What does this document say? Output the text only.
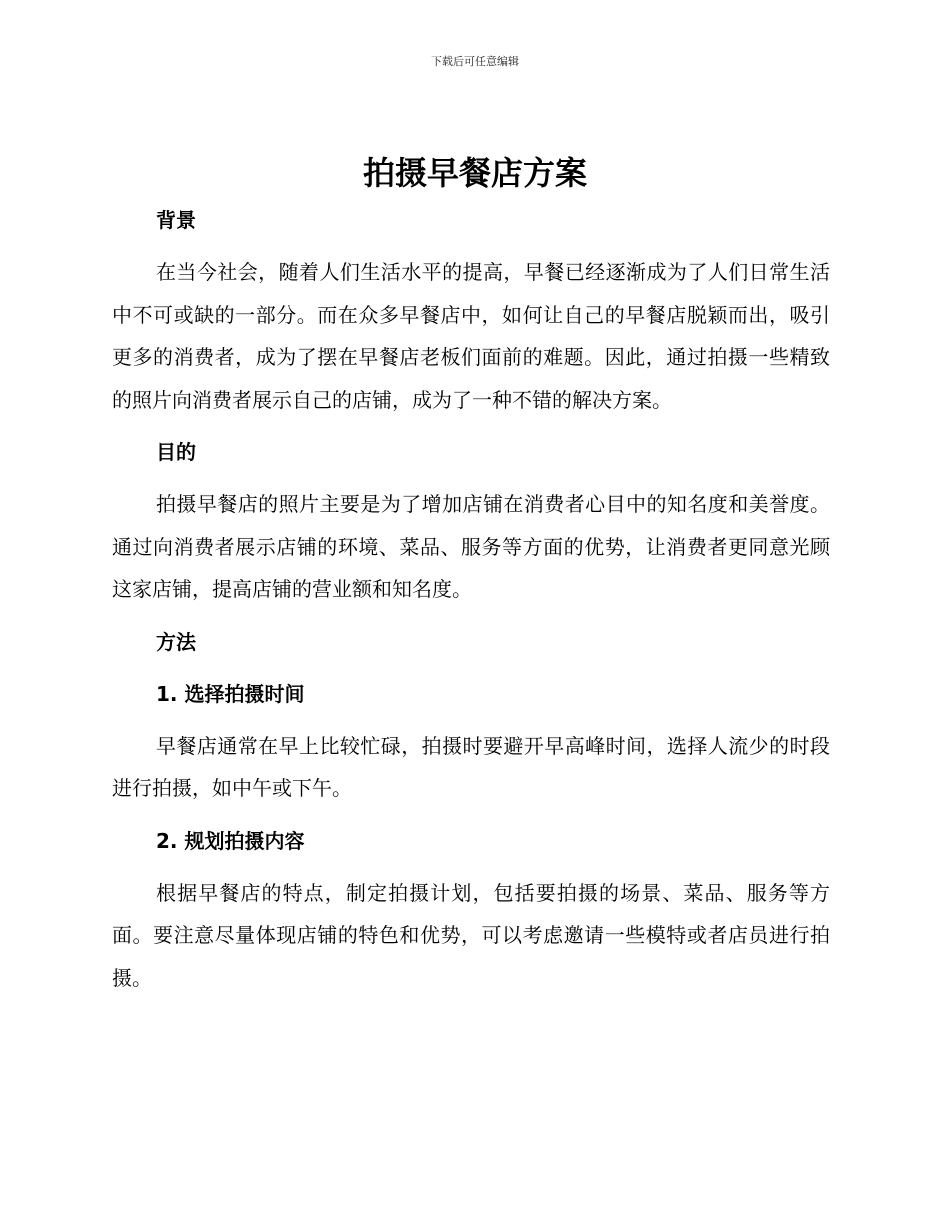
下载后可任意编辑
拍摄早餐店方案
背景

在当今社会，随着人们生活水平的提高，早餐已经逐渐成为了人们日常生活中不可或缺的一部分。而在众多早餐店中，如何让自己的早餐店脱颖而出，吸引更多的消费者，成为了摆在早餐店老板们面前的难题。因此，通过拍摄一些精致的照片向消费者展示自己的店铺，成为了一种不错的解决方案。

目的

拍摄早餐店的照片主要是为了增加店铺在消费者心目中的知名度和美誉度。通过向消费者展示店铺的环境、菜品、服务等方面的优势，让消费者更同意光顾这家店铺，提高店铺的营业额和知名度。

方法
1. 选择拍摄时间

早餐店通常在早上比较忙碌，拍摄时要避开早高峰时间，选择人流少的时段进行拍摄，如中午或下午。

2. 规划拍摄内容

根据早餐店的特点，制定拍摄计划，包括要拍摄的场景、菜品、服务等方面。要注意尽量体现店铺的特色和优势，可以考虑邀请一些模特或者店员进行拍摄。
